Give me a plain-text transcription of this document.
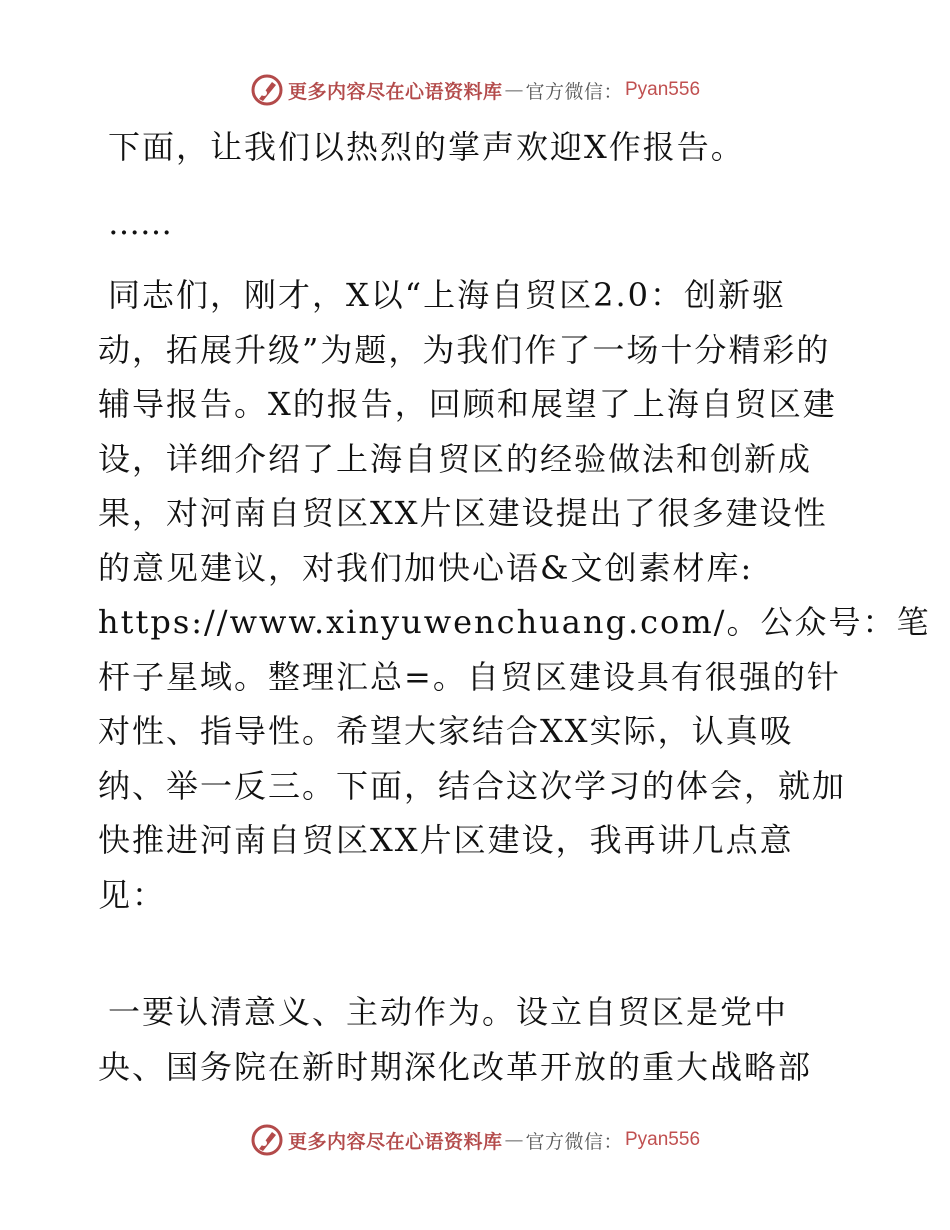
更多内容尽在心语资料库 — 官方微信： Pyan556

下面，让我们以热烈的掌声欢迎X作报告。

……

同志们，刚才，X以“上海自贸区2.0：创新驱
动，拓展升级”为题，为我们作了一场十分精彩的
辅导报告。X的报告，回顾和展望了上海自贸区建
设，详细介绍了上海自贸区的经验做法和创新成
果，对河南自贸区XX片区建设提出了很多建设性
的意见建议，对我们加快心语&文创素材库:
https://www.xinyuwenchuang.com/。公众号：笔
杆子星域。整理汇总=。自贸区建设具有很强的针
对性、指导性。希望大家结合XX实际，认真吸
纳、举一反三。下面，结合这次学习的体会，就加
快推进河南自贸区XX片区建设，我再讲几点意
见：

一要认清意义、主动作为。设立自贸区是党中
央、国务院在新时期深化改革开放的重大战略部

更多内容尽在心语资料库 — 官方微信： Pyan556
